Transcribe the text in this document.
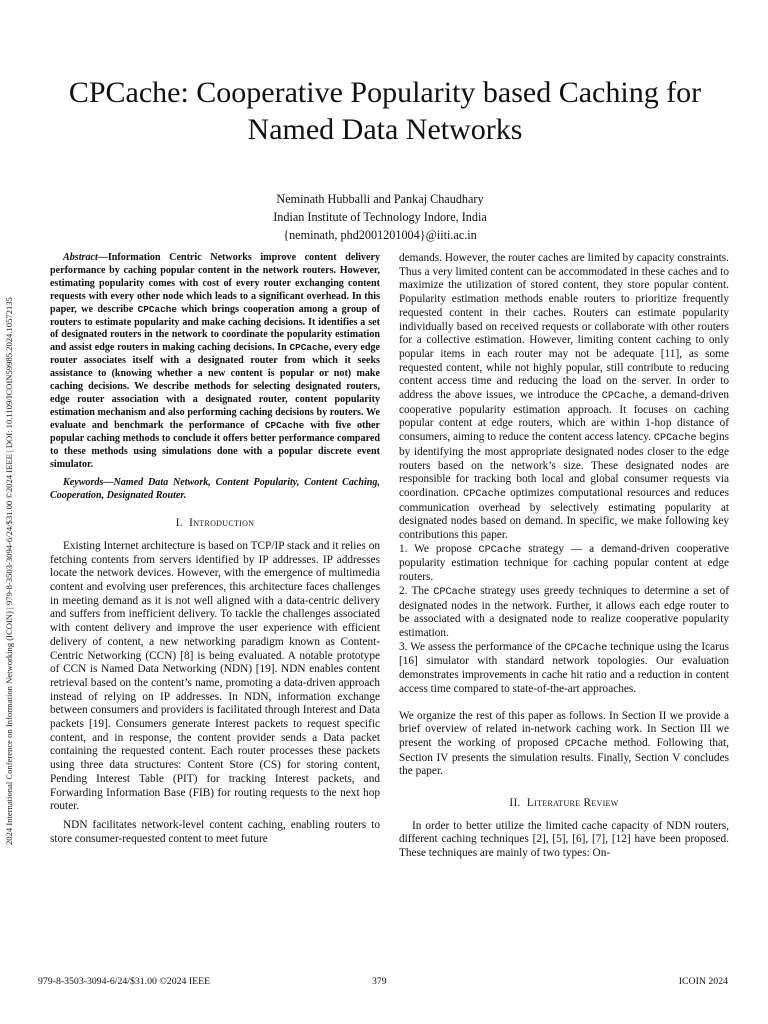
2024 International Conference on Information Networking (ICOIN) | 979-8-3503-3094-6/24/$31.00 ©2024 IEEE | DOI: 10.1109/ICOIN59985.2024.10572135
CPCache: Cooperative Popularity based Caching for Named Data Networks
Neminath Hubballi and Pankaj Chaudhary
Indian Institute of Technology Indore, India
{neminath, phd2001201004}@iiti.ac.in

Abstract—Information Centric Networks improve content delivery performance by caching popular content in the network routers. However, estimating popularity comes with cost of every router exchanging content requests with every other node which leads to a significant overhead. In this paper, we describe CPCache which brings cooperation among a group of routers to estimate popularity and make caching decisions. It identifies a set of designated routers in the network to coordinate the popularity estimation and assist edge routers in making caching decisions. In CPCache, every edge router associates itself with a designated router from which it seeks assistance to (knowing whether a new content is popular or not) make caching decisions. We describe methods for selecting designated routers, edge router association with a designated router, content popularity estimation mechanism and also performing caching decisions by routers. We evaluate and benchmark the performance of CPCache with five other popular caching methods to conclude it offers better performance compared to these methods using simulations done with a popular discrete event simulator.

Keywords—Named Data Network, Content Popularity, Content Caching, Cooperation, Designated Router.

I. Introduction

Existing Internet architecture is based on TCP/IP stack and it relies on fetching contents from servers identified by IP addresses. IP addresses locate the network devices. However, with the emergence of multimedia content and evolving user preferences, this architecture faces challenges in meeting demand as it is not well aligned with a data-centric delivery and suffers from inefficient delivery. To tackle the challenges associated with content delivery and improve the user experience with efficient delivery of content, a new networking paradigm known as Content-Centric Networking (CCN) [8] is being evaluated. A notable prototype of CCN is Named Data Networking (NDN) [19]. NDN enables content retrieval based on the content’s name, promoting a data-driven approach instead of relying on IP addresses. In NDN, information exchange between consumers and providers is facilitated through Interest and Data packets [19]. Consumers generate Interest packets to request specific content, and in response, the content provider sends a Data packet containing the requested content. Each router processes these packets using three data structures: Content Store (CS) for storing content, Pending Interest Table (PIT) for tracking Interest packets, and Forwarding Information Base (FIB) for routing requests to the next hop router.

NDN facilitates network-level content caching, enabling routers to store consumer-requested content to meet future

demands. However, the router caches are limited by capacity constraints. Thus a very limited content can be accommodated in these caches and to maximize the utilization of stored content, they store popular content. Popularity estimation methods enable routers to prioritize frequently requested content in their caches. Routers can estimate popularity individually based on received requests or collaborate with other routers for a collective estimation. However, limiting content caching to only popular items in each router may not be adequate [11], as some requested content, while not highly popular, still contribute to reducing content access time and reducing the load on the server. In order to address the above issues, we introduce the CPCache, a demand-driven cooperative popularity estimation approach. It focuses on caching popular content at edge routers, which are within 1-hop distance of consumers, aiming to reduce the content access latency. CPCache begins by identifying the most appropriate designated nodes closer to the edge routers based on the network’s size. These designated nodes are responsible for tracking both local and global consumer requests via coordination. CPCache optimizes computational resources and reduces communication overhead by selectively estimating popularity at designated nodes based on demand. In specific, we make following key contributions this paper.

1. We propose CPCache strategy — a demand-driven cooperative popularity estimation technique for caching popular content at edge routers.

2. The CPCache strategy uses greedy techniques to determine a set of designated nodes in the network. Further, it allows each edge router to be associated with a designated node to realize cooperative popularity estimation.

3. We assess the performance of the CPCache technique using the Icarus [16] simulator with standard network topologies. Our evaluation demonstrates improvements in cache hit ratio and a reduction in content access time compared to state-of-the-art approaches.

We organize the rest of this paper as follows. In Section II we provide a brief overview of related in-network caching work. In Section III we present the working of proposed CPCache method. Following that, Section IV presents the simulation results. Finally, Section V concludes the paper.

II. Literature Review

In order to better utilize the limited cache capacity of NDN routers, different caching techniques [2], [5], [6], [7], [12] have been proposed. These techniques are mainly of two types: On-

979-8-3503-3094-6/24/$31.00 ©2024 IEEE	379	ICOIN 2024
